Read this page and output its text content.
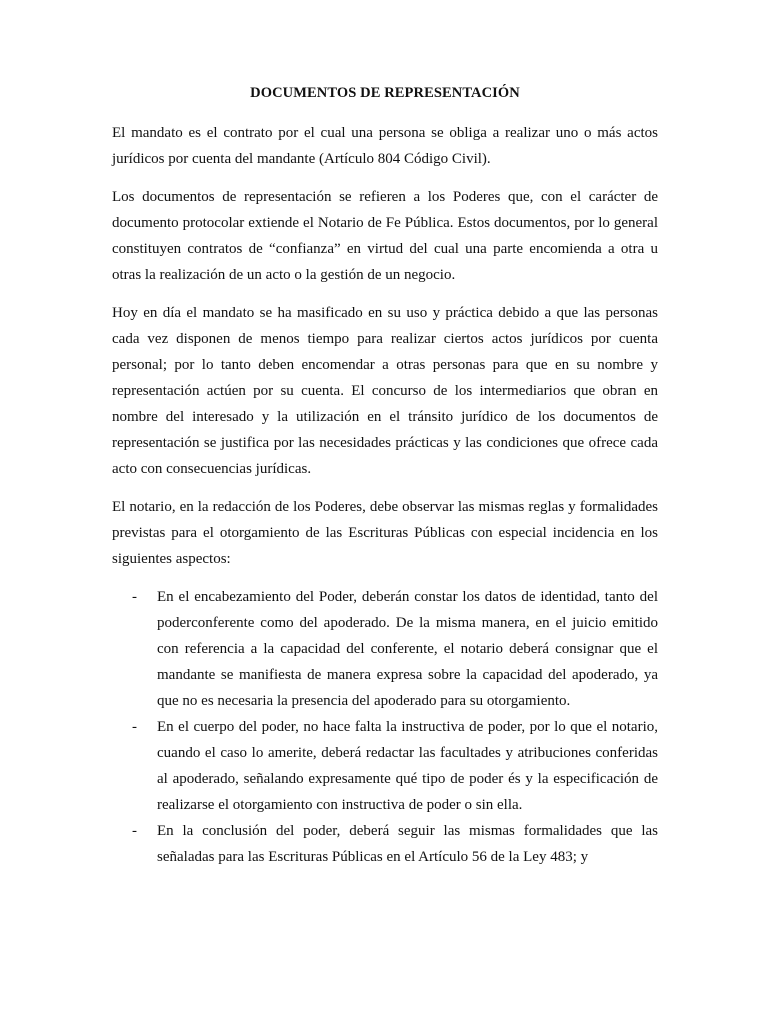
DOCUMENTOS DE REPRESENTACIÓN

El mandato es el contrato por el cual una persona se obliga a realizar uno o más actos jurídicos por cuenta del mandante (Artículo 804 Código Civil).

Los documentos de representación se refieren a los Poderes que, con el carácter de documento protocolar extiende el Notario de Fe Pública. Estos documentos, por lo general constituyen contratos de “confianza” en virtud del cual una parte encomienda a otra u otras la realización de un acto o la gestión de un negocio.

Hoy en día el mandato se ha masificado en su uso y práctica debido a que las personas cada vez disponen de menos tiempo para realizar ciertos actos jurídicos por cuenta personal; por lo tanto deben encomendar a otras personas para que en su nombre y representación actúen por su cuenta. El concurso de los intermediarios que obran en nombre del interesado y la utilización en el tránsito jurídico de los documentos de representación se justifica por las necesidades prácticas y las condiciones que ofrece cada acto con consecuencias jurídicas.

El notario, en la redacción de los Poderes, debe observar las mismas reglas y formalidades previstas para el otorgamiento de las Escrituras Públicas con especial incidencia en los siguientes aspectos:

- En el encabezamiento del Poder, deberán constar los datos de identidad, tanto del poderconferente como del apoderado. De la misma manera, en el juicio emitido con referencia a la capacidad del conferente, el notario deberá consignar que el mandante se manifiesta de manera expresa sobre la capacidad del apoderado, ya que no es necesaria la presencia del apoderado para su otorgamiento.
- En el cuerpo del poder, no hace falta la instructiva de poder, por lo que el notario, cuando el caso lo amerite, deberá redactar las facultades y atribuciones conferidas al apoderado, señalando expresamente qué tipo de poder és y la especificación de realizarse el otorgamiento con instructiva de poder o sin ella.
- En la conclusión del poder, deberá seguir las mismas formalidades que las señaladas para las Escrituras Públicas en el Artículo 56 de la Ley 483; y
